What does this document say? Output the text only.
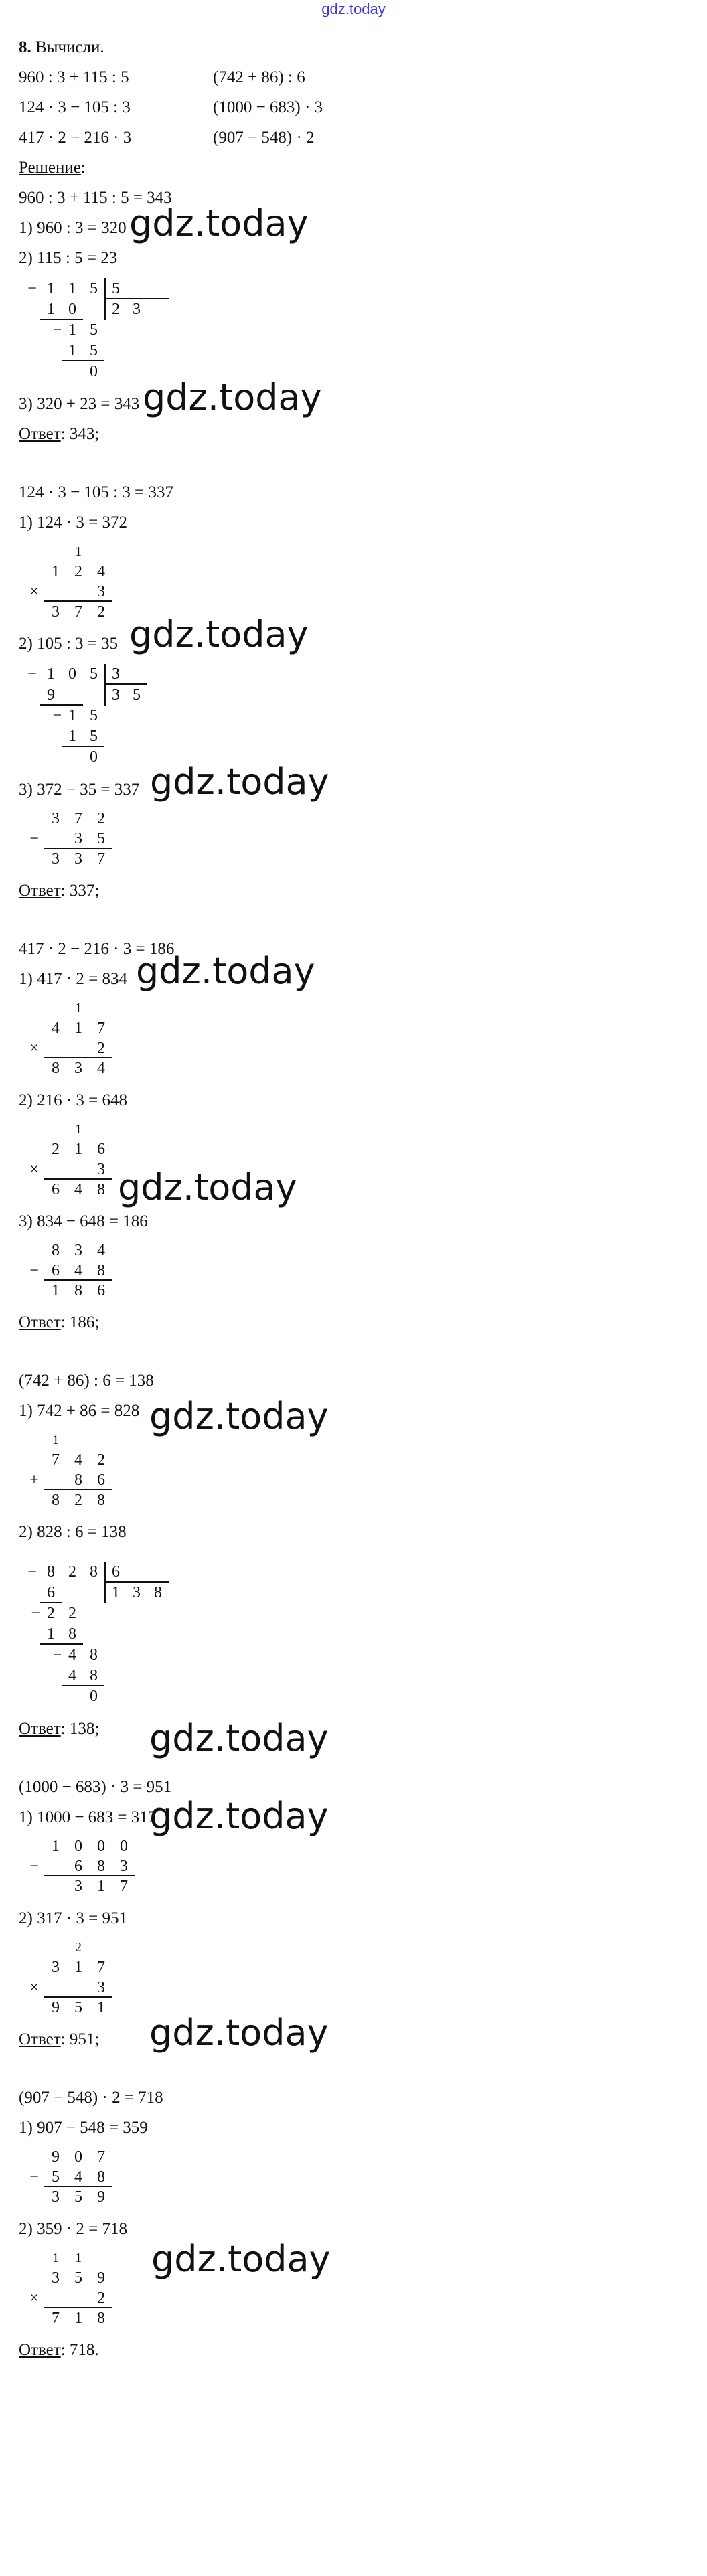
gdz.today
8. Вычисли.
960 : 3 + 115 : 5	(742 + 86) : 6
124 · 3 − 105 : 3	(1000 − 683) · 3
417 · 2 − 216 · 3	(907 − 548) · 2
Решение:
960 : 3 + 115 : 5 = 343
1) 960 : 3 = 320
2) 115 : 5 = 23
gdz.today
− 1 1 5 5
1 0	2 3
− 1 5
1 5
0
3) 320 + 23 = 343 gdz.today
Ответ: 343;
124 · 3 − 105 : 3 = 337
1) 124 · 3 = 372
1
1 2 4
×	3
3 7 2
2) 105 : 3 = 35 gdz.today
− 1 0 5 3
9	3 5
− 1 5
1 5
0
3) 372 − 35 = 337 gdz.today
3 7 2
−	3 5
3 3 7
Ответ: 337;
417 · 2 − 216 · 3 = 186
1) 417 · 2 = 834 gdz.today
1
4 1 7
×	2
8 3 4
2) 216 · 3 = 648
1
2 1 6
×	3
6 4 8 gdz.today
3) 834 − 648 = 186
8 3 4
− 6 4 8
1 8 6
Ответ: 186;
(742 + 86) : 6 = 138
1) 742 + 86 = 828 gdz.today
1
7 4 2
+	8 6
8 2 8
2) 828 : 6 = 138
− 8 2 8 6
6	1 3 8
− 2 2
1 8
− 4 8
4 8
0
gdz.today
Ответ: 138;
(1000 − 683) · 3 = 951
1) 1000 − 683 = 317
gdz.today
1 0 0 0
−	6 8 3
3 1 7
2) 317 · 3 = 951
2
3 1 7
×	3
9 5 1
Ответ: 951; gdz.today
(907 − 548) · 2 = 718
1) 907 − 548 = 359
9 0 7
− 5 4 8
3 5 9
2) 359 · 2 = 718
1	1
3 5 9
×	2
7 1 8
gdz.today
Ответ: 718.
